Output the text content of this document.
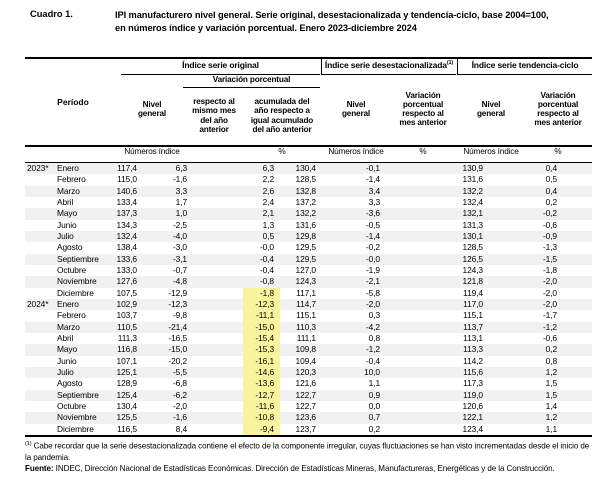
Cuadro 1.	IPI manufacturero nivel general. Serie original, desestacionalizada y tendencia-ciclo, base 2004=100,
en números índice y variación porcentual. Enero 2023-diciembre 2024
Período
Índice serie original
Nivel general
Variación porcentual
respecto al mismo mes del año anterior
acumulada del año respecto a igual acumulado del año anterior
Índice serie desestacionalizada$^{(1)}$
Nivel general
Variación porcentual respecto al mes anterior
Índice serie tendencia-ciclo
Nivel general
Variación porcentual respecto al mes anterior
Números índice	%	Números índice	%	Números índice	%
2023* Enero	117,4	6,3	6,3	130,4	-0,1	130,9	0,4
Febrero	115,0	-1,6	2,2	128,5	-1,4	131,6	0,5
Marzo	140,6	3,3	2,6	132,8	3,4	132,2	0,4
Abril	133,4	1,7	2,4	137,2	3,3	132,4	0,2
Mayo	137,3	1,0	2,1	132,2	-3,6	132,1	-0,2
Junio	134,3	-2,5	1,3	131,6	-0,5	131,3	-0,6
Julio	132,4	-4,0	0,5	129,8	-1,4	130,1	-0,9
Agosto	138,4	-3,0	-0,0	129,5	-0,2	128,5	-1,3
Septiembre 133,6	-3,1	-0,4	129,5	-0,0	126,5	-1,5
Octubre	133,0	-0,7	-0,4	127,0	-1,9	124,3	-1,8
Noviembre 127,6	-4,8	-0,8	124,3	-2,1	121,8	-2,0
Diciembre	107,5	-12,9	-1,8	117,1	-5,8	119,4	-2,0
2024* Enero	102,9	-12,3	-12,3	114,7	-2,0	117,0	-2,0
Febrero	103,7	-9,8	-11,1	115,1	0,3	115,1	-1,7
Marzo	110,5	-21,4	-15,0	110,3	-4,2	113,7	-1,2
Abril	111,3	-16,5	-15,4	111,1	0,8	113,1	-0,6
Mayo	116,8	-15,0	-15,3	109,8	-1,2	113,3	0,2
Junio	107,1	-20,2	-16,1	109,4	-0,4	114,2	0,8
Julio	125,1	-5,5	-14,6	120,3	10,0	115,6	1,2
Agosto	128,9	-6,8	-13,6	121,6	1,1	117,3	1,5
Septiembre 125,4	-6,2	-12,7	122,7	0,9	119,0	1,5
Octubre	130,4	-2,0	-11,6	122,7	0,0	120,6	1,4
Noviembre 125,5	-1,6	-10,8	123,6	0,7	122,1	1,2
Diciembre	116,5	8,4	-9,4	123,7	0,2	123,4	1,1
$^{(1)}$ Cabe recordar que la serie desestacionalizada contiene el efecto de la componente irregular, cuyas fluctuaciones se han visto incrementadas desde el inicio de la pandemia.
Fuente: INDEC, Dirección Nacional de Estadísticas Económicas. Dirección de Estadísticas Mineras, Manufactureras, Energéticas y de la Construcción.
